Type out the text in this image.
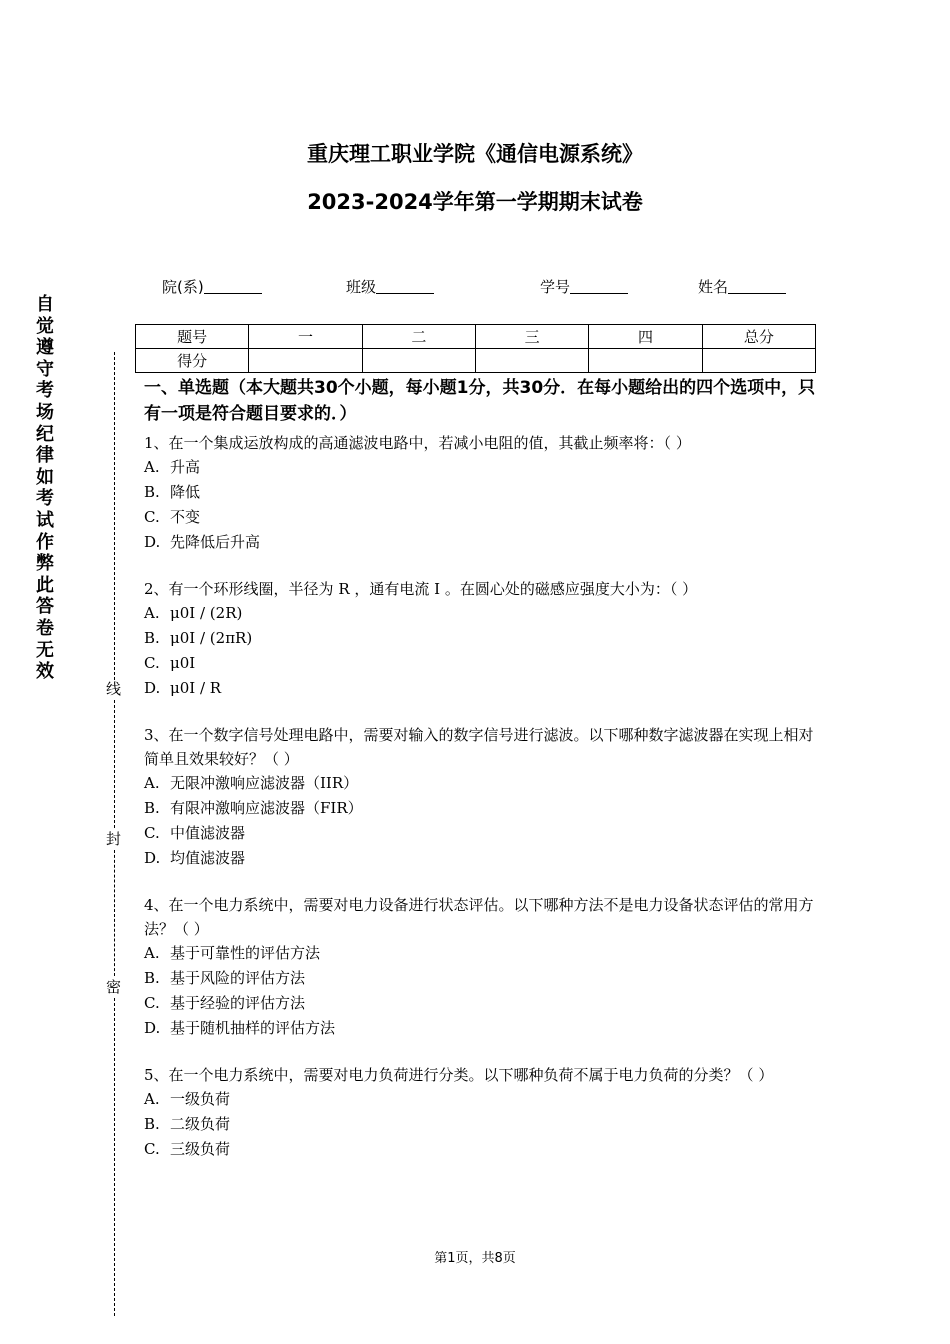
重庆理工职业学院《通信电源系统》
2023-2024学年第一学期期末试卷
院(系)	班级	学号	姓名
题号	一	二	三	四	总分
得分					
自觉遵守考场纪律如考试作弊此答卷无效
线
封
密
一、单选题（本大题共30个小题，每小题1分，共30分．在每小题给出的四个选项中，只有一项是符合题目要求的．）
1、在一个集成运放构成的高通滤波电路中，若减小电阻的值，其截止频率将：（ ）
A. 升高
B. 降低
C. 不变
D. 先降低后升高
2、有一个环形线圈，半径为 R ，通有电流 I 。在圆心处的磁感应强度大小为：（ ）
A. μ0I / (2R)
B. μ0I / (2πR)
C. μ0I
D. μ0I / R
3、在一个数字信号处理电路中，需要对输入的数字信号进行滤波。以下哪种数字滤波器在实现上相对简单且效果较好？（ ）
A. 无限冲激响应滤波器（IIR）
B. 有限冲激响应滤波器（FIR）
C. 中值滤波器
D. 均值滤波器
4、在一个电力系统中，需要对电力设备进行状态评估。以下哪种方法不是电力设备状态评估的常用方法？（ ）
A. 基于可靠性的评估方法
B. 基于风险的评估方法
C. 基于经验的评估方法
D. 基于随机抽样的评估方法
5、在一个电力系统中，需要对电力负荷进行分类。以下哪种负荷不属于电力负荷的分类？（ ）
A. 一级负荷
B. 二级负荷
C. 三级负荷
第1页，共8页
